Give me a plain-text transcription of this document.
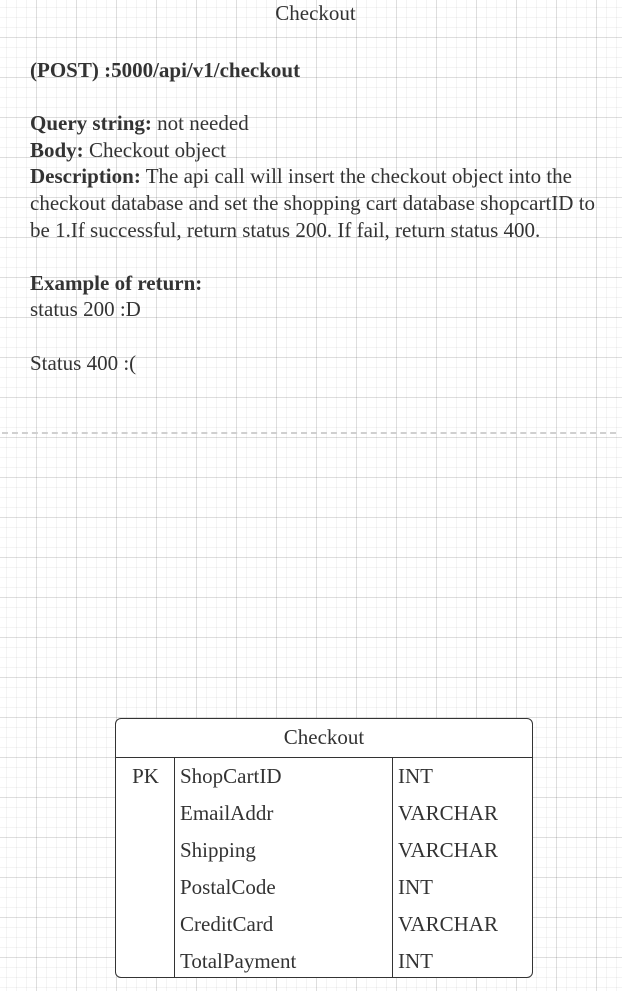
Checkout

(POST) :5000/api/v1/checkout

Query string: not needed

Body: Checkout object

Description: The api call will insert the checkout object into the checkout database and set the shopping cart database shopcartID to be 1.If successful, return status 200. If fail, return status 400.

Example of return:

status 200 :D

Status 400 :(

Checkout
PK	ShopCartID	INT
EmailAddr	VARCHAR
Shipping	VARCHAR
PostalCode	INT
CreditCard	VARCHAR
TotalPayment	INT
